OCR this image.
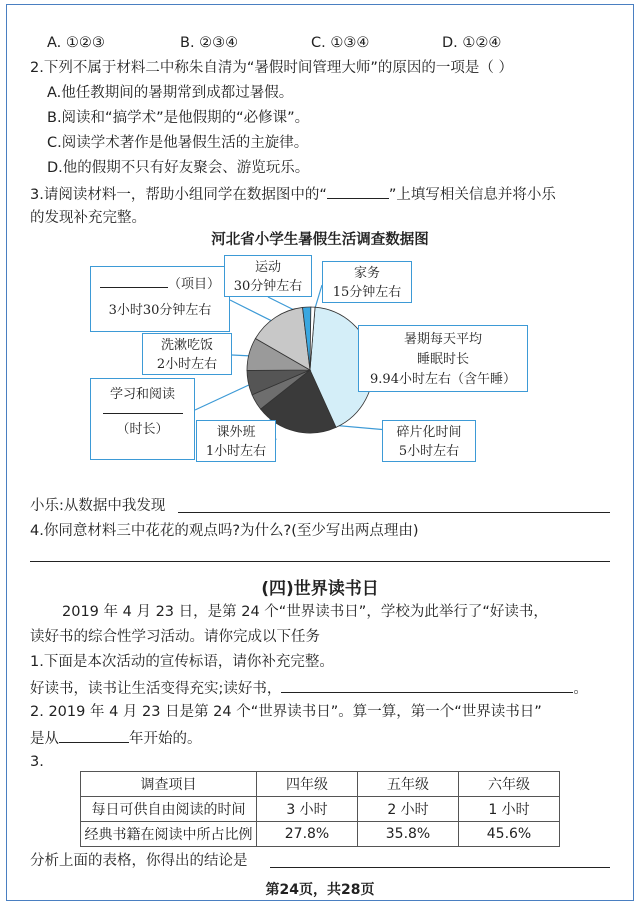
A. ①②③	B. ②③④	C. ①③④	D. ①②④
2.下列不属于材料二中称朱自清为“暑假时间管理大师”的原因的一项是（ ）
A.他任教期间的暑期常到成都过暑假。
B.阅读和“搞学术”是他假期的“必修课”。
C.阅读学术著作是他暑假生活的主旋律。
D.他的假期不只有好友聚会、游览玩乐。
3.请阅读材料一，帮助小组同学在数据图中的“	”上填写相关信息并将小乐
的发现补充完整。
河北省小学生暑假生活调查数据图
（项目）
3小时30分钟左右
运动
30分钟左右
家务
15分钟左右
洗漱吃饭
2小时左右
暑期每天平均睡眠时长
9.94小时左右（含午睡）
学习和阅读
（时长）	课外班
1小时左右
碎片化时间
5小时左右
小乐:从数据中我发现
4.你同意材料三中花花的观点吗?为什么?(至少写出两点理由)
(四)世界读书日
2019 年 4 月 23 日，是第 24 个“世界读书日”，学校为此举行了“好读书，
读好书的综合性学习活动。请你完成以下任务
1.下面是本次活动的宣传标语，请你补充完整。
好读书，读书让生活变得充实;读好书，	。
2. 2019 年 4 月 23 日是第 24 个“世界读书日”。算一算，第一个“世界读书日”
是从	年开始的。
3.
调查项目	四年级	五年级	六年级
每日可供自由阅读的时间	3 小时	2 小时	1 小时
经典书籍在阅读中所占比例	27.8%	35.8%	45.6%
分析上面的表格，你得出的结论是
第24页，共28页
